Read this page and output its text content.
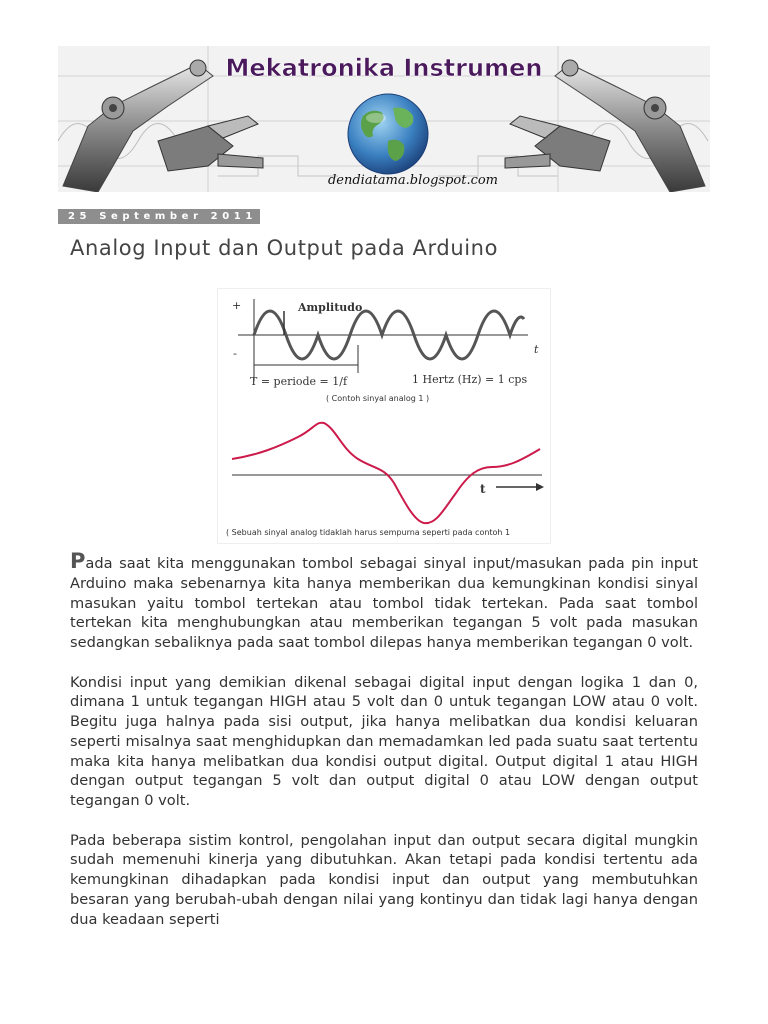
Mekatronika Instrumen
dendiatama.blogspot.com
25 September 2011
Analog Input dan Output pada Arduino
+
-
Amplitudo
t
T = periode = 1/f	1 Hertz (Hz) = 1 cps
( Contoh sinyal analog 1 )
t
( Sebuah sinyal analog tidaklah harus sempurna seperti pada contoh 1

Pada saat kita menggunakan tombol sebagai sinyal input/masukan pada pin input Arduino maka sebenarnya kita hanya memberikan dua kemungkinan kondisi sinyal masukan yaitu tombol tertekan atau tombol tidak tertekan. Pada saat tombol tertekan kita menghubungkan atau memberikan tegangan 5 volt pada masukan sedangkan sebaliknya pada saat tombol dilepas hanya memberikan tegangan 0 volt.

Kondisi input yang demikian dikenal sebagai digital input dengan logika 1 dan 0, dimana 1 untuk tegangan HIGH atau 5 volt dan 0 untuk tegangan LOW atau 0 volt. Begitu juga halnya pada sisi output, jika hanya melibatkan dua kondisi keluaran seperti misalnya saat menghidupkan dan memadamkan led pada suatu saat tertentu maka kita hanya melibatkan dua kondisi output digital. Output digital 1 atau HIGH dengan output tegangan 5 volt dan output digital 0 atau LOW dengan output tegangan 0 volt.

Pada beberapa sistim kontrol, pengolahan input dan output secara digital mungkin sudah memenuhi kinerja yang dibutuhkan. Akan tetapi pada kondisi tertentu ada kemungkinan dihadapkan pada kondisi input dan output yang membutuhkan besaran yang berubah-ubah dengan nilai yang kontinyu dan tidak lagi hanya dengan dua keadaan seperti
